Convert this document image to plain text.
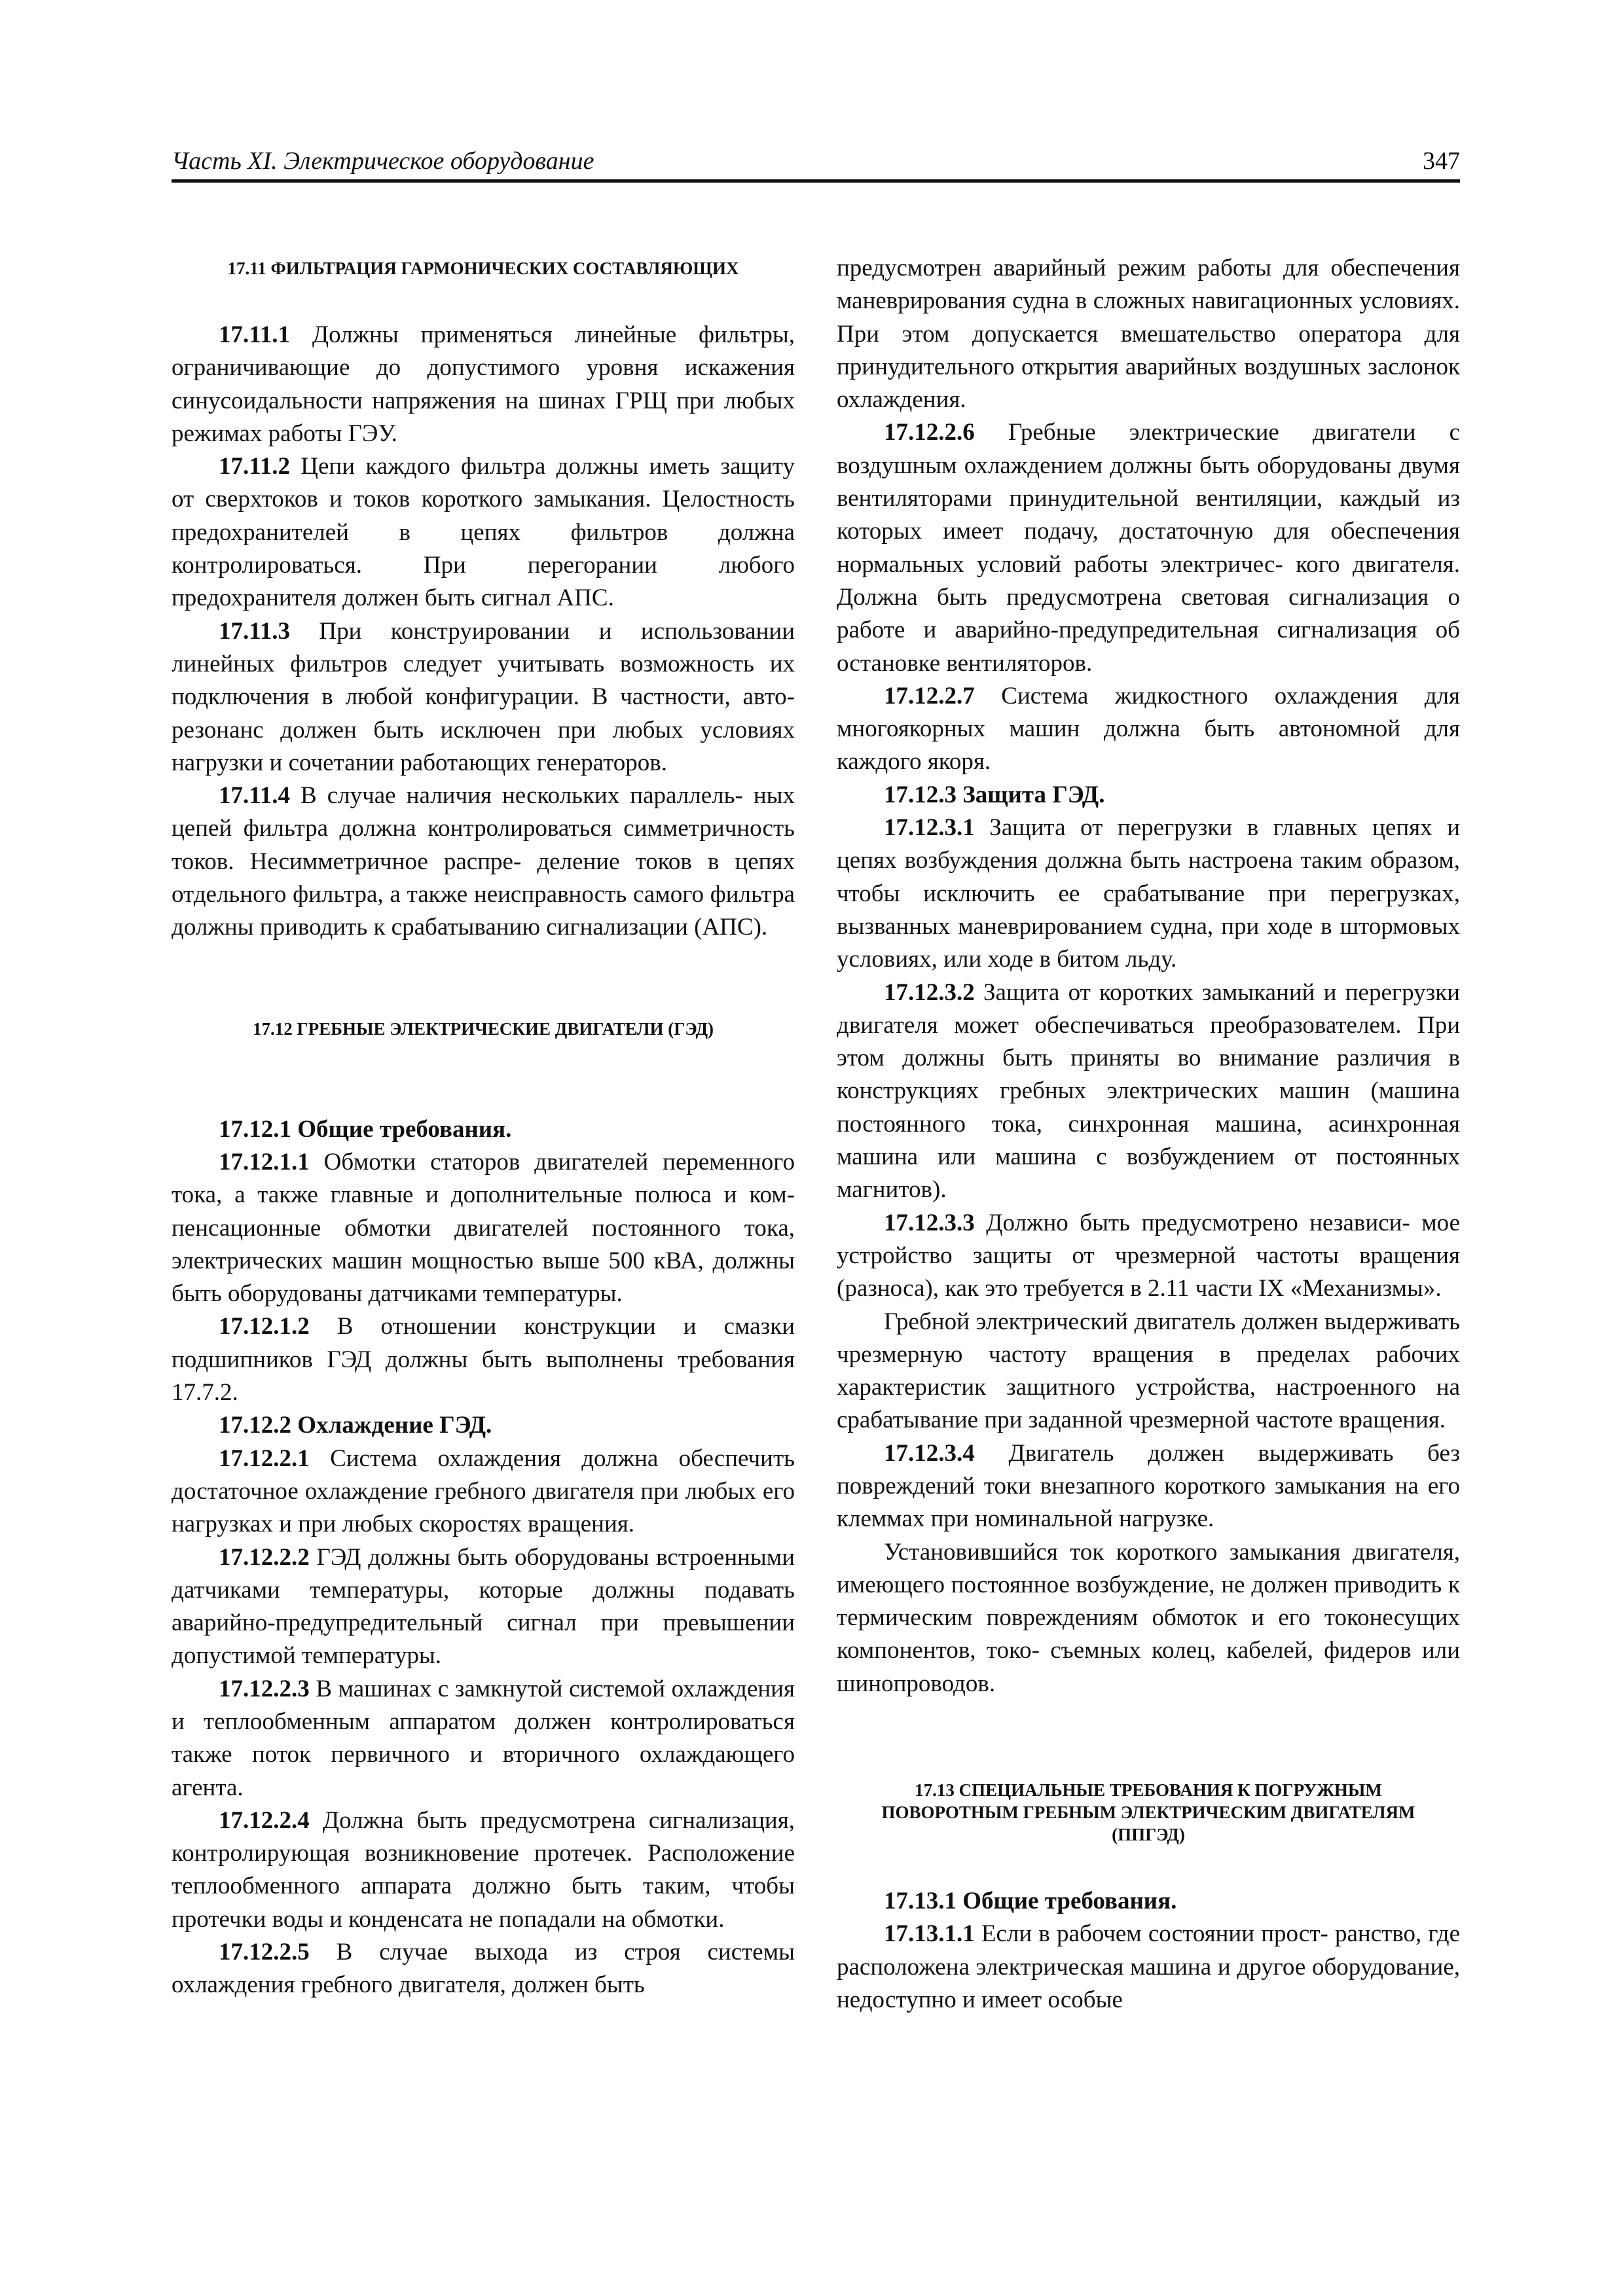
Часть XI. Электрическое оборудование	347
17.11 ФИЛЬТРАЦИЯ ГАРМОНИЧЕСКИХ СОСТАВЛЯЮЩИХ

17.11.1 Должны применяться линейные фильтры, ограничивающие до допустимого уровня искажения синусоидальности напряжения на шинах ГРЩ при любых режимах работы ГЭУ.

17.11.2 Цепи каждого фильтра должны иметь защиту от сверхтоков и токов короткого замыкания. Целостность предохранителей в цепях фильтров должна контролироваться. При перегорании любого предохранителя должен быть сигнал АПС.

17.11.3 При конструировании и использовании линейных фильтров следует учитывать возможность их подключения в любой конфигурации. В частности, авто- резонанс должен быть исключен при любых условиях нагрузки и сочетании работающих генераторов.

17.11.4 В случае наличия нескольких параллель- ных цепей фильтра должна контролироваться симметричность токов. Несимметричное распре- деление токов в цепях отдельного фильтра, а также неисправность самого фильтра должны приводить к срабатыванию сигнализации (АПС).

17.12 ГРЕБНЫЕ ЭЛЕКТРИЧЕСКИЕ ДВИГАТЕЛИ (ГЭД)

17.12.1 Общие требования.

17.12.1.1 Обмотки статоров двигателей переменного тока, а также главные и дополнительные полюса и ком- пенсационные обмотки двигателей постоянного тока, электрических машин мощностью выше 500 кВА, должны быть оборудованы датчиками температуры.

17.12.1.2 В отношении конструкции и смазки подшипников ГЭД должны быть выполнены требования 17.7.2.

17.12.2 Охлаждение ГЭД.

17.12.2.1 Система охлаждения должна обеспечить достаточное охлаждение гребного двигателя при любых его нагрузках и при любых скоростях вращения.

17.12.2.2 ГЭД должны быть оборудованы встроенными датчиками температуры, которые должны подавать аварийно-предупредительный сигнал при превышении допустимой температуры.

17.12.2.3 В машинах с замкнутой системой охлаждения и теплообменным аппаратом должен контролироваться также поток первичного и вторичного охлаждающего агента.

17.12.2.4 Должна быть предусмотрена сигнализация, контролирующая возникновение протечек. Расположение теплообменного аппарата должно быть таким, чтобы протечки воды и конденсата не попадали на обмотки.

17.12.2.5 В случае выхода из строя системы охлаждения гребного двигателя, должен быть

предусмотрен аварийный режим работы для обеспечения маневрирования судна в сложных навигационных условиях. При этом допускается вмешательство оператора для принудительного открытия аварийных воздушных заслонок охлаждения.

17.12.2.6 Гребные электрические двигатели с воздушным охлаждением должны быть оборудованы двумя вентиляторами принудительной вентиляции, каждый из которых имеет подачу, достаточную для обеспечения нормальных условий работы электричес- кого двигателя. Должна быть предусмотрена световая сигнализация о работе и аварийно-предупредительная сигнализация об остановке вентиляторов.

17.12.2.7 Система жидкостного охлаждения для многоякорных машин должна быть автономной для каждого якоря.

17.12.3 Защита ГЭД.

17.12.3.1 Защита от перегрузки в главных цепях и цепях возбуждения должна быть настроена таким образом, чтобы исключить ее срабатывание при перегрузках, вызванных маневрированием судна, при ходе в штормовых условиях, или ходе в битом льду.

17.12.3.2 Защита от коротких замыканий и перегрузки двигателя может обеспечиваться преобразователем. При этом должны быть приняты во внимание различия в конструкциях гребных электрических машин (машина постоянного тока, синхронная машина, асинхронная машина или машина с возбуждением от постоянных магнитов).

17.12.3.3 Должно быть предусмотрено независи- мое устройство защиты от чрезмерной частоты вращения (разноса), как это требуется в 2.11 части IX «Механизмы».

Гребной электрический двигатель должен выдерживать чрезмерную частоту вращения в пределах рабочих характеристик защитного устройства, настроенного на срабатывание при заданной чрезмерной частоте вращения.

17.12.3.4 Двигатель должен выдерживать без повреждений токи внезапного короткого замыкания на его клеммах при номинальной нагрузке.

Установившийся ток короткого замыкания двигателя, имеющего постоянное возбуждение, не должен приводить к термическим повреждениям обмоток и его токонесущих компонентов, токо- съемных колец, кабелей, фидеров или шинопроводов.

17.13 СПЕЦИАЛЬНЫЕ ТРЕБОВАНИЯ К ПОГРУЖНЫМ ПОВОРОТНЫМ ГРЕБНЫМ ЭЛЕКТРИЧЕСКИМ ДВИГАТЕЛЯМ (ППГЭД)

17.13.1 Общие требования.

17.13.1.1 Если в рабочем состоянии прост- ранство, где расположена электрическая машина и другое оборудование, недоступно и имеет особые
